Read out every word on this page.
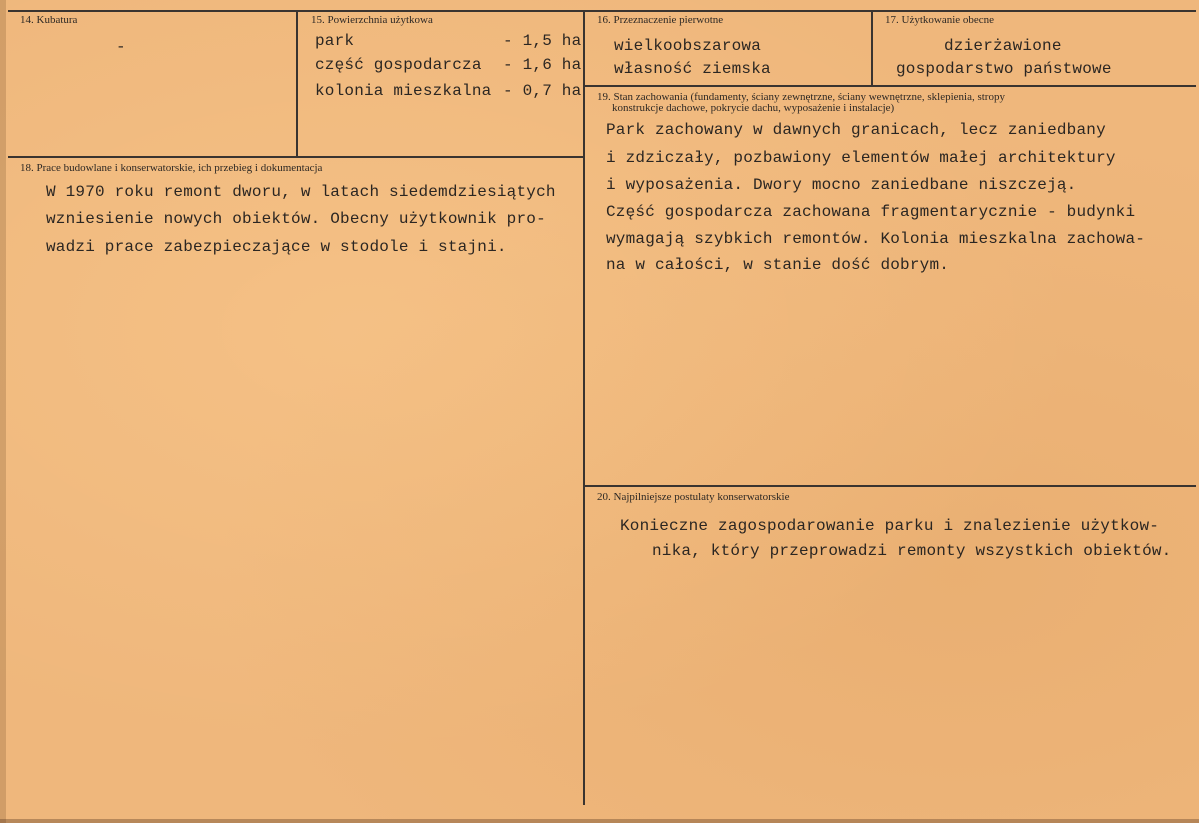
14. Kubatura
-
15. Powierzchnia użytkowa
park	- 1,5 ha
część gospodarcza	- 1,6 ha
kolonia mieszkalna - 0,7 ha
16. Przeznaczenie pierwotne
wielkoobszarowa
własność ziemska
17. Użytkowanie obecne
dzierżawione
gospodarstwo państwowe
19. Stan zachowania (fundamenty, ściany zewnętrzne, ściany wewnętrzne, sklepienia, stropy
konstrukcje dachowe, pokrycie dachu, wyposażenie i instalacje)
Park zachowany w dawnych granicach, lecz zaniedbany
i zdziczały, pozbawiony elementów małej architektury
i wyposażenia. Dwory mocno zaniedbane niszczeją.
Część gospodarcza zachowana fragmentarycznie - budynki
wymagają szybkich remontów. Kolonia mieszkalna zachowa-
na w całości, w stanie dość dobrym.
18. Prace budowlane i konserwatorskie, ich przebieg i dokumentacja
W 1970 roku remont dworu, w latach siedemdziesiątych
wzniesienie nowych obiektów. Obecny użytkownik pro-
wadzi prace zabezpieczające w stodole i stajni.
20. Najpilniejsze postulaty konserwatorskie
Konieczne zagospodarowanie parku i znalezienie użytkow-
nika, który przeprowadzi remonty wszystkich obiektów.
